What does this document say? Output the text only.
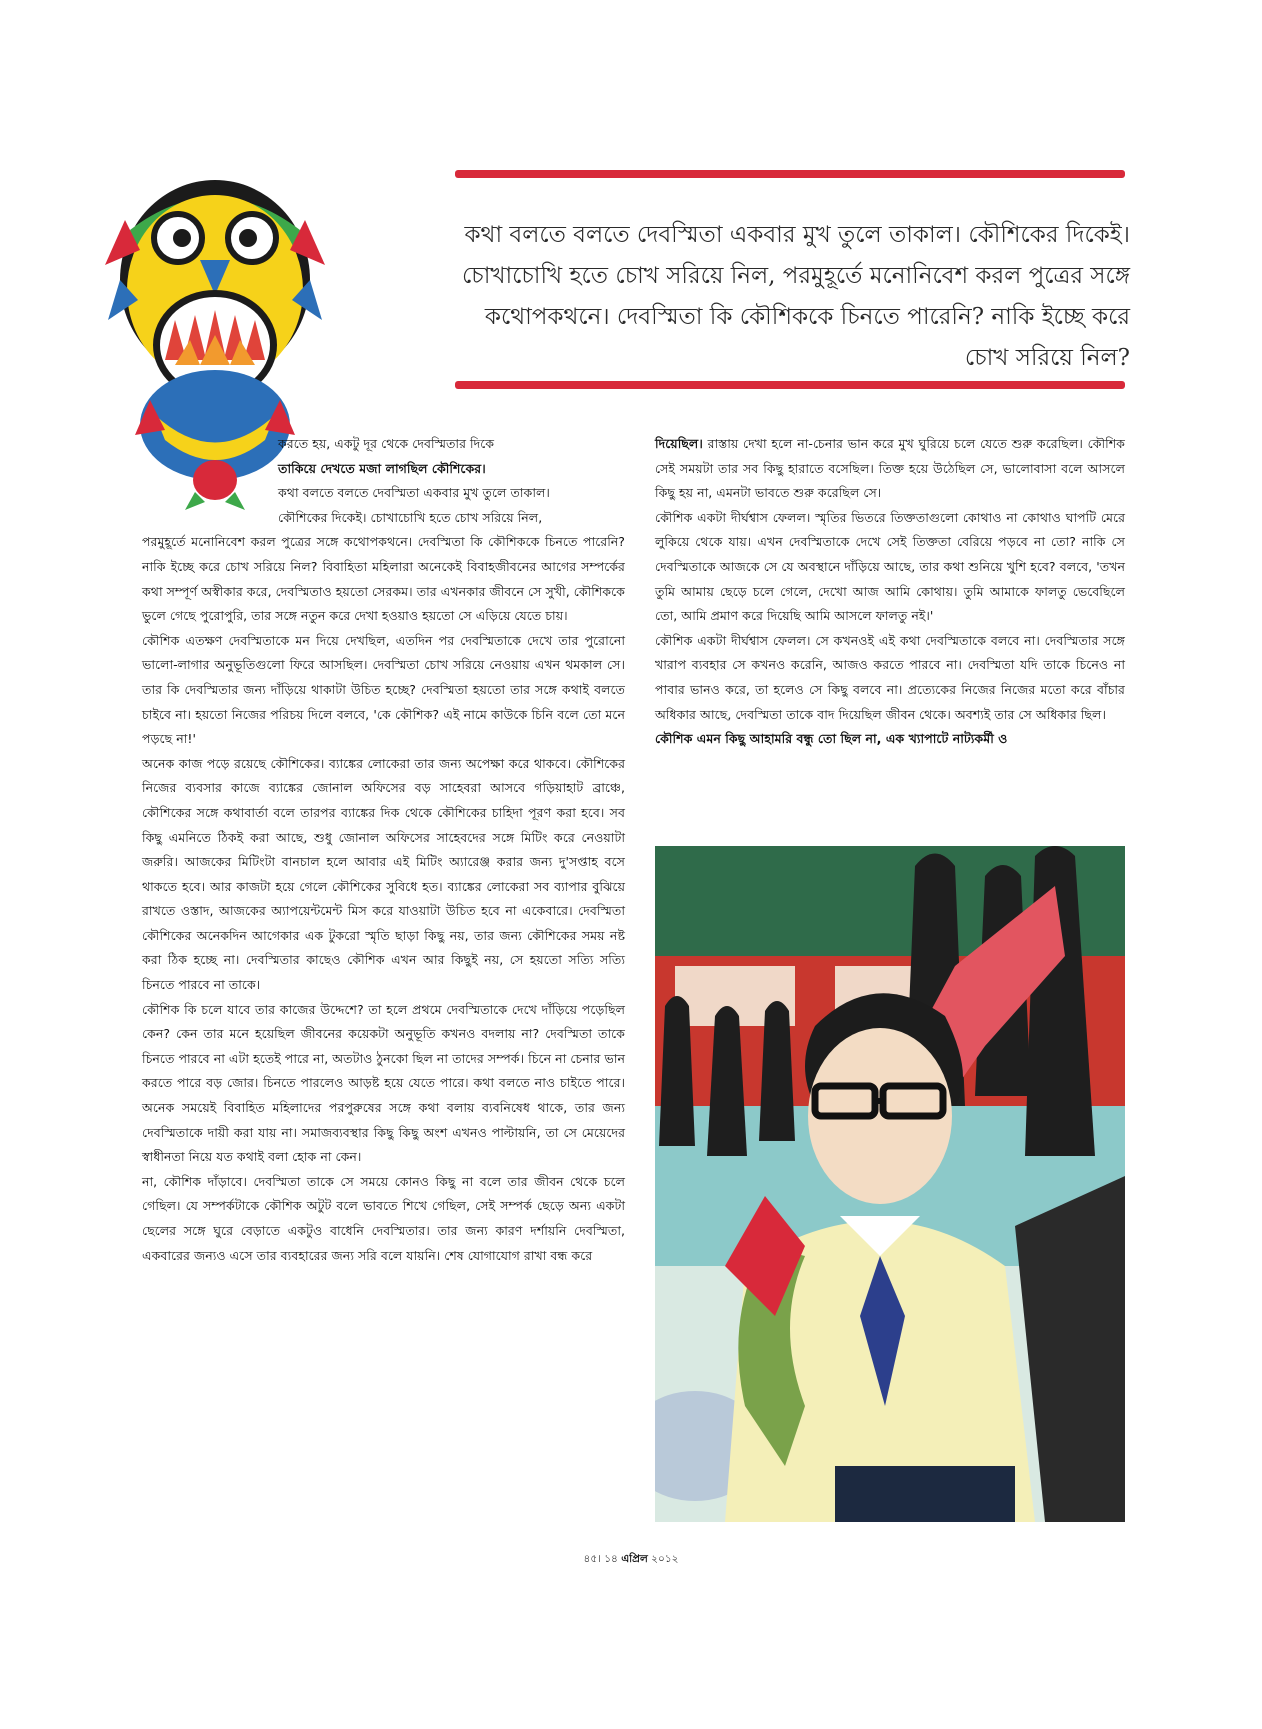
কথা বলতে বলতে দেবস্মিতা একবার মুখ তুলে তাকাল। কৌশিকের দিকেই। চোখাচোখি হতে চোখ সরিয়ে নিল, পরমুহূর্তে মনোনিবেশ করল পুত্রের সঙ্গে কথোপকথনে। দেবস্মিতা কি কৌশিককে চিনতে পারেনি? নাকি ইচ্ছে করে চোখ সরিয়ে নিল?

করতে হয়, একটু দূর থেকে দেবস্মিতার দিকে

তাকিয়ে দেখতে মজা লাগছিল কৌশিকের।

কথা বলতে বলতে দেবস্মিতা একবার মুখ তুলে তাকাল।

কৌশিকের দিকেই। চোখাচোখি হতে চোখ সরিয়ে নিল,

পরমুহূর্তে মনোনিবেশ করল পুত্রের সঙ্গে কথোপকথনে। দেবস্মিতা কি কৌশিককে চিনতে পারেনি? নাকি ইচ্ছে করে চোখ সরিয়ে নিল? বিবাহিতা মহিলারা অনেকেই বিবাহজীবনের আগের সম্পর্কের কথা সম্পূর্ণ অস্বীকার করে, দেবস্মিতাও হয়তো সেরকম। তার এখনকার জীবনে সে সুখী, কৌশিককে ভুলে গেছে পুরোপুরি, তার সঙ্গে নতুন করে দেখা হওয়াও হয়তো সে এড়িয়ে যেতে চায়।

কৌশিক এতক্ষণ দেবস্মিতাকে মন দিয়ে দেখছিল, এতদিন পর দেবস্মিতাকে দেখে তার পুরোনো ভালো-লাগার অনুভূতিগুলো ফিরে আসছিল। দেবস্মিতা চোখ সরিয়ে নেওয়ায় এখন থমকাল সে। তার কি দেবস্মিতার জন্য দাঁড়িয়ে থাকাটা উচিত হচ্ছে? দেবস্মিতা হয়তো তার সঙ্গে কথাই বলতে চাইবে না। হয়তো নিজের পরিচয় দিলে বলবে, 'কে কৌশিক? এই নামে কাউকে চিনি বলে তো মনে পড়ছে না!'

অনেক কাজ পড়ে রয়েছে কৌশিকের। ব্যাঙ্কের লোকেরা তার জন্য অপেক্ষা করে থাকবে। কৌশিকের নিজের ব্যবসার কাজে ব্যাঙ্কের জোনাল অফিসের বড় সাহেবরা আসবে গড়িয়াহাট ব্রাঞ্চে, কৌশিকের সঙ্গে কথাবার্তা বলে তারপর ব্যাঙ্কের দিক থেকে কৌশিকের চাহিদা পূরণ করা হবে। সব কিছু এমনিতে ঠিকই করা আছে, শুধু জোনাল অফিসের সাহেবদের সঙ্গে মিটিং করে নেওয়াটা জরুরি। আজকের মিটিংটা বানচাল হলে আবার এই মিটিং অ্যারেঞ্জ করার জন্য দু'সপ্তাহ বসে থাকতে হবে। আর কাজটা হয়ে গেলে কৌশিকের সুবিধে হত। ব্যাঙ্কের লোকেরা সব ব্যাপার বুঝিয়ে রাখতে ওস্তাদ, আজকের অ্যাপয়েন্টমেন্ট মিস করে যাওয়াটা উচিত হবে না একেবারে। দেবস্মিতা কৌশিকের অনেকদিন আগেকার এক টুকরো স্মৃতি ছাড়া কিছু নয়, তার জন্য কৌশিকের সময় নষ্ট করা ঠিক হচ্ছে না। দেবস্মিতার কাছেও কৌশিক এখন আর কিছুই নয়, সে হয়তো সত্যি সত্যি চিনতে পারবে না তাকে।

কৌশিক কি চলে যাবে তার কাজের উদ্দেশে? তা হলে প্রথমে দেবস্মিতাকে দেখে দাঁড়িয়ে পড়েছিল কেন? কেন তার মনে হয়েছিল জীবনের কয়েকটা অনুভূতি কখনও বদলায় না? দেবস্মিতা তাকে চিনতে পারবে না এটা হতেই পারে না, অতটাও ঠুনকো ছিল না তাদের সম্পর্ক। চিনে না চেনার ভান করতে পারে বড় জোর। চিনতে পারলেও আড়ষ্ট হয়ে যেতে পারে। কথা বলতে নাও চাইতে পারে। অনেক সময়েই বিবাহিত মহিলাদের পরপুরুষের সঙ্গে কথা বলায় ব্যবনিষেধ থাকে, তার জন্য দেবস্মিতাকে দায়ী করা যায় না। সমাজব্যবস্থার কিছু কিছু অংশ এখনও পাল্টায়নি, তা সে মেয়েদের স্বাধীনতা নিয়ে যত কথাই বলা হোক না কেন।

না, কৌশিক দাঁড়াবে। দেবস্মিতা তাকে সে সময়ে কোনও কিছু না বলে তার জীবন থেকে চলে গেছিল। যে সম্পর্কটাকে কৌশিক অটুট বলে ভাবতে শিখে গেছিল, সেই সম্পর্ক ছেড়ে অন্য একটা ছেলের সঙ্গে ঘুরে বেড়াতে একটুও বাধেনি দেবস্মিতার। তার জন্য কারণ দর্শায়নি দেবস্মিতা, একবারের জন্যও এসে তার ব্যবহারের জন্য সরি বলে যায়নি। শেষ যোগাযোগ রাখা বন্ধ করে

দিয়েছিল। রাস্তায় দেখা হলে না-চেনার ভান করে মুখ ঘুরিয়ে চলে যেতে শুরু করেছিল। কৌশিক সেই সময়টা তার সব কিছু হারাতে বসেছিল। তিক্ত হয়ে উঠেছিল সে, ভালোবাসা বলে আসলে কিছু হয় না, এমনটা ভাবতে শুরু করেছিল সে।

কৌশিক একটা দীর্ঘশ্বাস ফেলল। স্মৃতির ভিতরে তিক্ততাগুলো কোথাও না কোথাও ঘাপটি মেরে লুকিয়ে থেকে যায়। এখন দেবস্মিতাকে দেখে সেই তিক্ততা বেরিয়ে পড়বে না তো? নাকি সে দেবস্মিতাকে আজকে সে যে অবস্থানে দাঁড়িয়ে আছে, তার কথা শুনিয়ে খুশি হবে? বলবে, 'তখন তুমি আমায় ছেড়ে চলে গেলে, দেখো আজ আমি কোথায়। তুমি আমাকে ফালতু ভেবেছিলে তো, আমি প্রমাণ করে দিয়েছি আমি আসলে ফালতু নই।'

কৌশিক একটা দীর্ঘশ্বাস ফেলল। সে কখনওই এই কথা দেবস্মিতাকে বলবে না। দেবস্মিতার সঙ্গে খারাপ ব্যবহার সে কখনও করেনি, আজও করতে পারবে না। দেবস্মিতা যদি তাকে চিনেও না পাবার ভানও করে, তা হলেও সে কিছু বলবে না। প্রত্যেকের নিজের নিজের মতো করে বাঁচার অধিকার আছে, দেবস্মিতা তাকে বাদ দিয়েছিল জীবন থেকে। অবশ্যই তার সে অধিকার ছিল।

কৌশিক এমন কিছু আহামরি বন্ধু তো ছিল না, এক খ্যাপাটে নাট্যকর্মী ও

৪৫। ১৪ এপ্রিল ২০১২
